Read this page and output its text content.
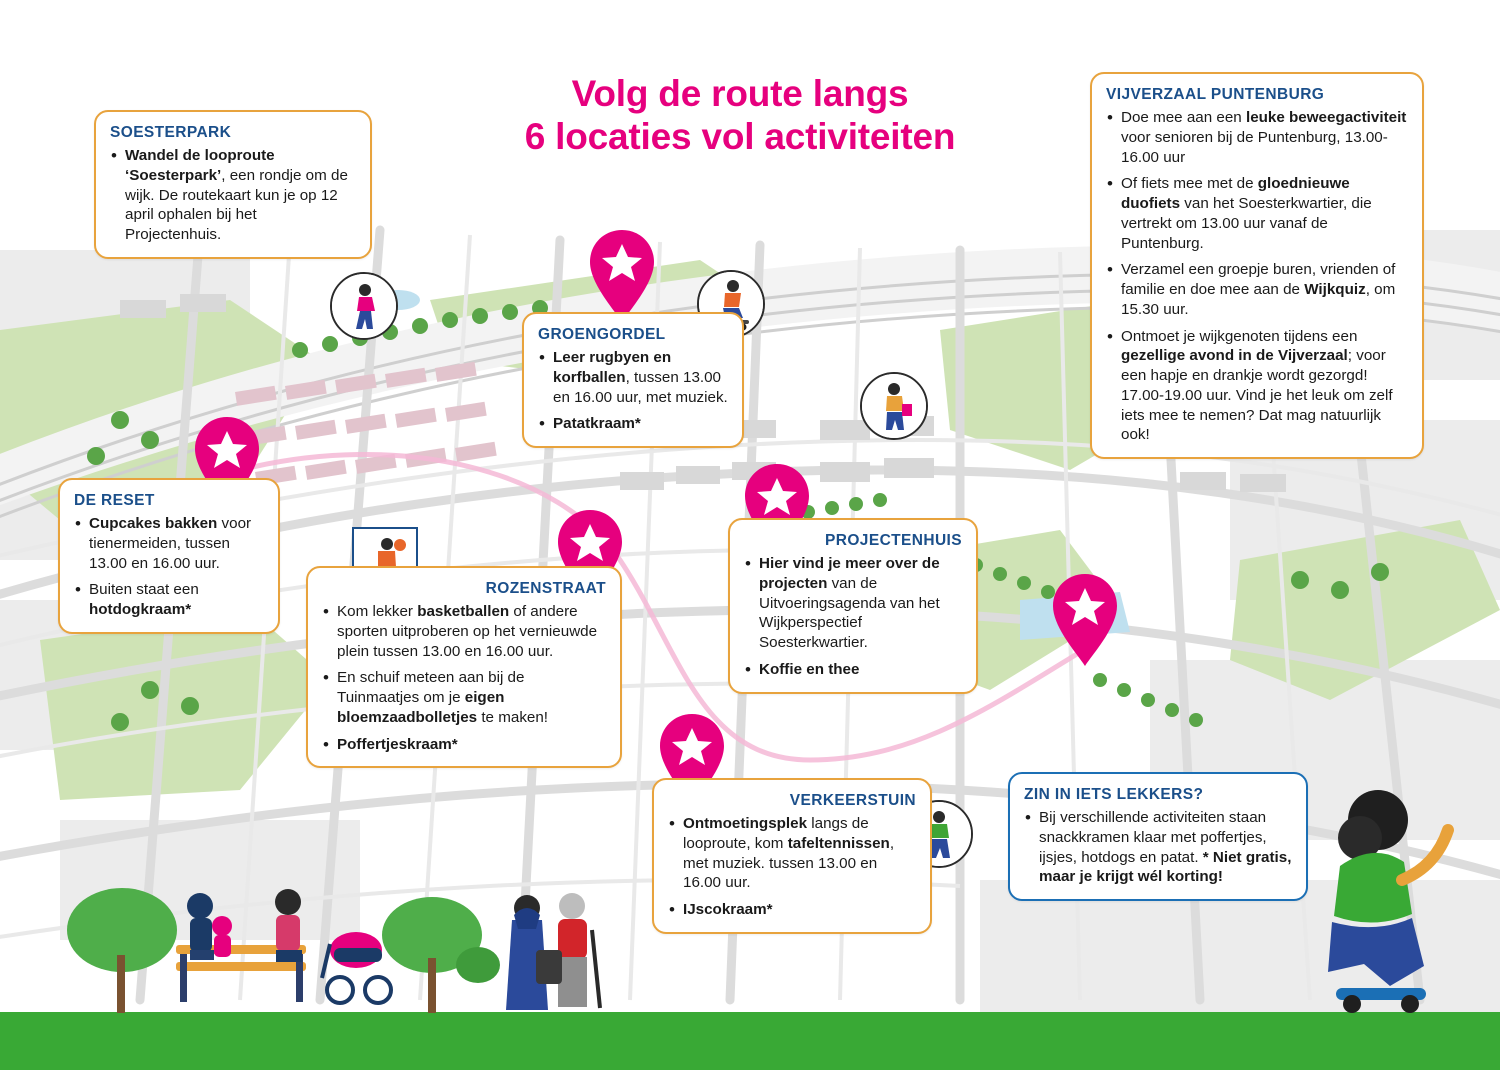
Volg de route langs
6 locaties vol activiteiten
SOESTERPARK
• Wandel de looproute ‘Soesterpark’, een rondje om de wijk. De routekaart kun je op 12 april ophalen bij het Projectenhuis.
GROENGORDEL
• Leer rugbyen en korfballen, tussen 13.00 en 16.00 uur, met muziek.
• Patatkraam*
DE RESET
• Cupcakes bakken voor tienermeiden, tussen 13.00 en 16.00 uur.
• Buiten staat een hotdogkraam*
ROZENSTRAAT
• Kom lekker basketballen of andere sporten uitproberen op het vernieuwde plein tussen 13.00 en 16.00 uur.
• En schuif meteen aan bij de Tuinmaatjes om je eigen bloemzaadbolletjes te maken!
• Poffertjeskraam*
PROJECTENHUIS
• Hier vind je meer over de projecten van de Uitvoeringsagenda van het Wijkperspectief Soesterkwartier.
• Koffie en thee
VERKEERSTUIN
• Ontmoetingsplek langs de looproute, kom tafeltennissen, met muziek. tussen 13.00 en 16.00 uur.
• IJscokraam*
VIJVERZAAL PUNTENBURG
• Doe mee aan een leuke beweegactiviteit voor senioren bij de Puntenburg, 13.00-16.00 uur
• Of fiets mee met de gloednieuwe duofiets van het Soesterkwartier, die vertrekt om 13.00 uur vanaf de Puntenburg.
• Verzamel een groepje buren, vrienden of familie en doe mee aan de Wijkquiz, om 15.30 uur.
• Ontmoet je wijkgenoten tijdens een gezellige avond in de Vijverzaal; voor een hapje en drankje wordt gezorgd! 17.00-19.00 uur. Vind je het leuk om zelf iets mee te nemen? Dat mag natuurlijk ook!
ZIN IN IETS LEKKERS?
• Bij verschillende activiteiten staan snackkramen klaar met poffertjes, ijsjes, hotdogs en patat. * Niet gratis, maar je krijgt wél korting!
